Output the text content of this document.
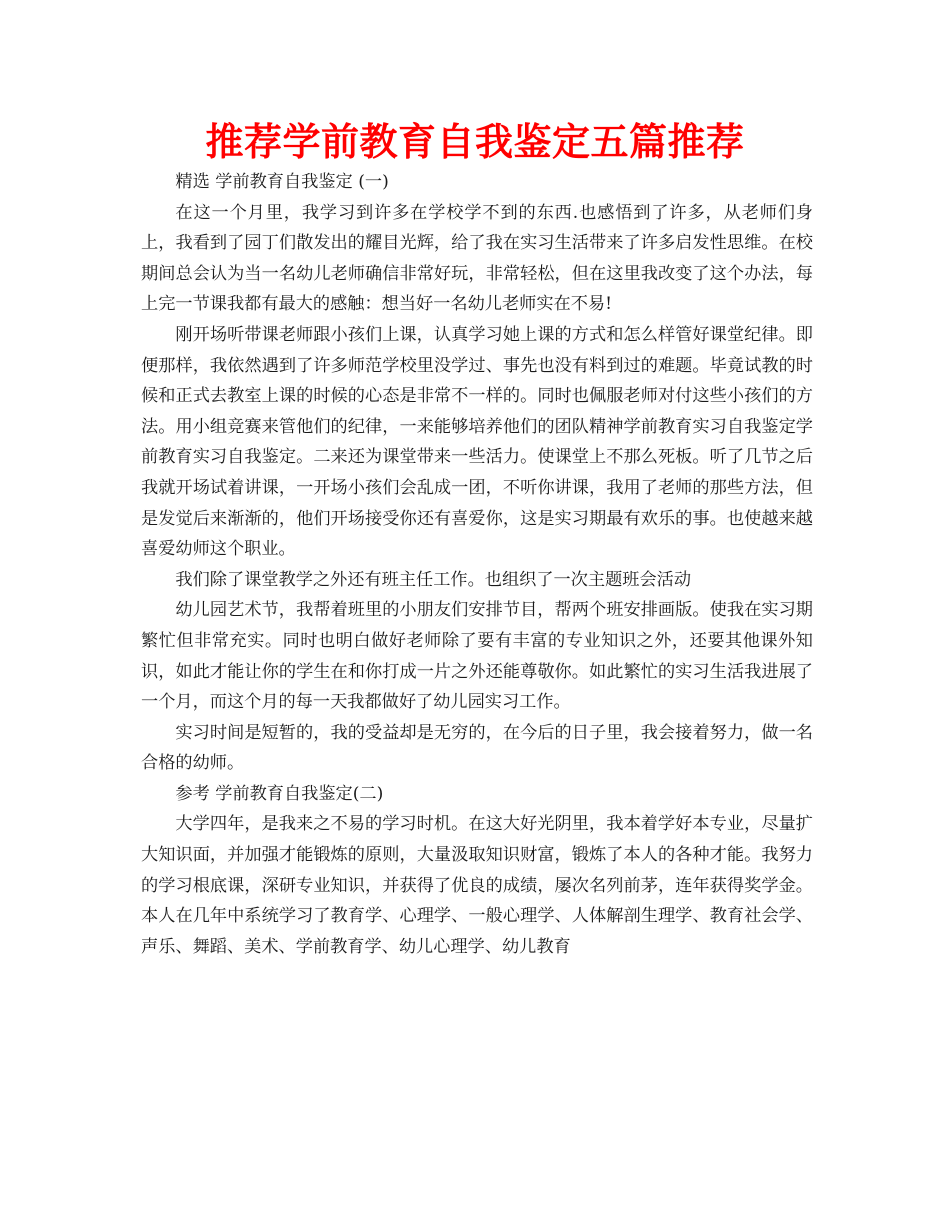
推荐学前教育自我鉴定五篇推荐

精选 学前教育自我鉴定 (一)

在这一个月里，我学习到许多在学校学不到的东西.也感悟到了许多，从老师们身上，我看到了园丁们散发出的耀目光辉，给了我在实习生活带来了许多启发性思维。在校期间总会认为当一名幼儿老师确信非常好玩，非常轻松，但在这里我改变了这个办法，每上完一节课我都有最大的感触：想当好一名幼儿老师实在不易!

刚开场听带课老师跟小孩们上课，认真学习她上课的方式和怎么样管好课堂纪律。即便那样，我依然遇到了许多师范学校里没学过、事先也没有料到过的难题。毕竟试教的时候和正式去教室上课的时候的心态是非常不一样的。同时也佩服老师对付这些小孩们的方法。用小组竞赛来管他们的纪律，一来能够培养他们的团队精神学前教育实习自我鉴定学前教育实习自我鉴定。二来还为课堂带来一些活力。使课堂上不那么死板。听了几节之后我就开场试着讲课，一开场小孩们会乱成一团，不听你讲课，我用了老师的那些方法，但是发觉后来渐渐的，他们开场接受你还有喜爱你，这是实习期最有欢乐的事。也使越来越喜爱幼师这个职业。

我们除了课堂教学之外还有班主任工作。也组织了一次主题班会活动

幼儿园艺术节，我帮着班里的小朋友们安排节目，帮两个班安排画版。使我在实习期繁忙但非常充实。同时也明白做好老师除了要有丰富的专业知识之外，还要其他课外知识，如此才能让你的学生在和你打成一片之外还能尊敬你。如此繁忙的实习生活我进展了一个月，而这个月的每一天我都做好了幼儿园实习工作。

实习时间是短暂的，我的受益却是无穷的，在今后的日子里，我会接着努力，做一名合格的幼师。

参考 学前教育自我鉴定(二)

大学四年，是我来之不易的学习时机。在这大好光阴里，我本着学好本专业，尽量扩大知识面，并加强才能锻炼的原则，大量汲取知识财富，锻炼了本人的各种才能。我努力的学习根底课，深研专业知识，并获得了优良的成绩，屡次名列前茅，连年获得奖学金。本人在几年中系统学习了教育学、心理学、一般心理学、人体解剖生理学、教育社会学、声乐、舞蹈、美术、学前教育学、幼儿心理学、幼儿教育
